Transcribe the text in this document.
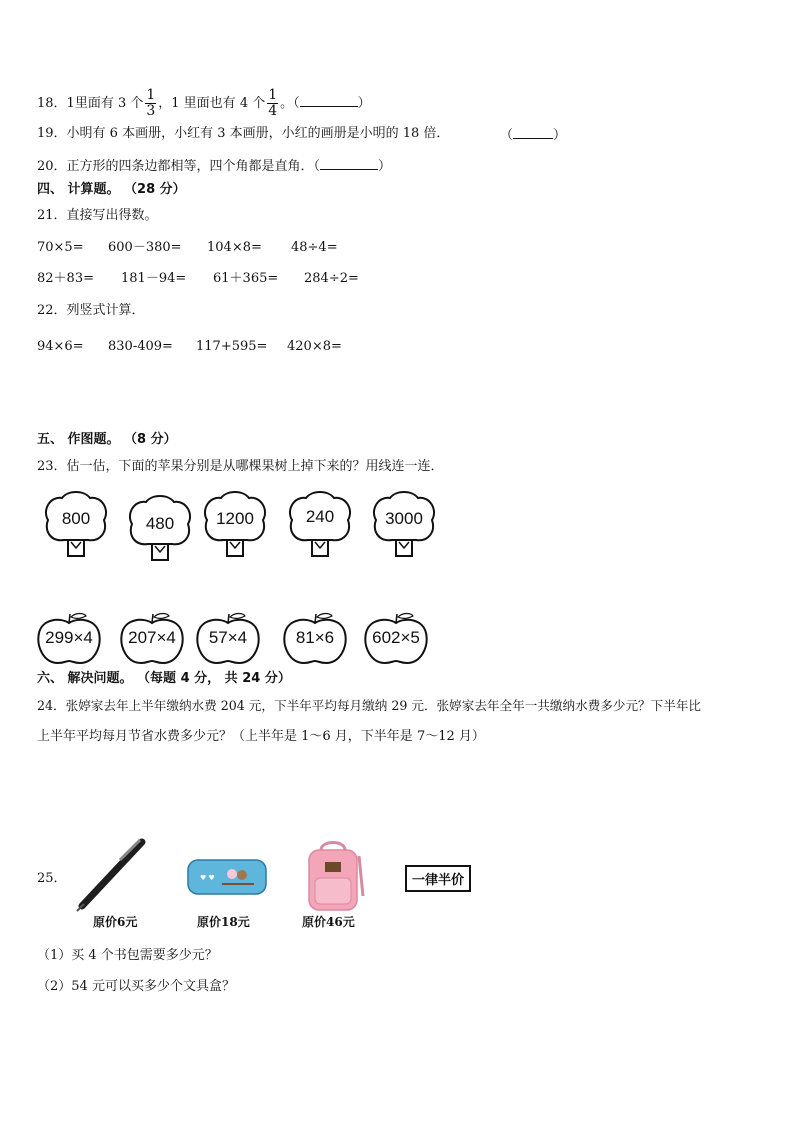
18．1里面有 3 个 $\frac{1}{3}$ ，1 里面也有 4 个 $\frac{1}{4}$ 。（	）
19．小明有 6 本画册，小红有 3 本画册，小红的画册是小明的 18 倍．	（	）
20．正方形的四条边都相等，四个角都是直角．（	）
四、 计算题。 （28 分）
21．直接写出得数。
70×5= 600－380= 104×8= 48÷4=
82＋83= 181－94= 61＋365= 284÷2=
22．列竖式计算．
94×6= 830-409= 117+595= 420×8=
五、 作图题。 （8 分）
23．估一估，下面的苹果分别是从哪棵果树上掉下来的？用线连一连．
800	480	1200	240	3000
299×4	207×4	57×4	81×6	602×5
六、 解决问题。 （每题 4 分， 共 24 分）
24．张婷家去年上半年缴纳水费 204 元，下半年平均每月缴纳 29 元．张婷家去年全年一共缴纳水费多少元？下半年比
上半年平均每月节省水费多少元？（上半年是 1～6 月，下半年是 7～12 月）
25．
原价6元
♥ ♥
原价18元	原价46元
一律半价
（1）买 4 个书包需要多少元？
（2）54 元可以买多少个文具盒？
